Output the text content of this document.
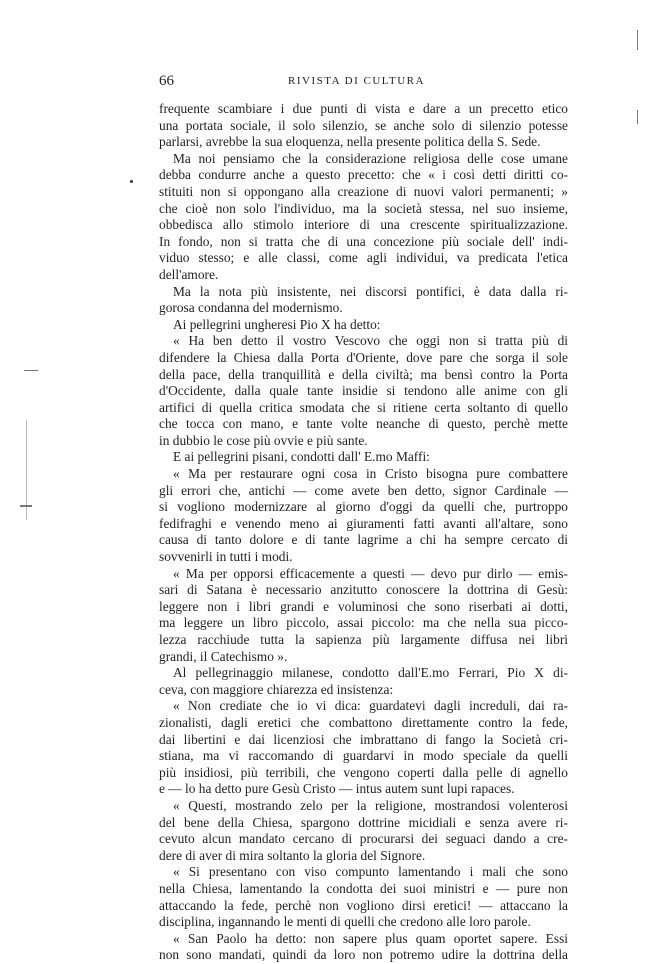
66	RIVISTA DI CULTURA
frequente scambiare i due punti di vista e dare a un precetto etico
una portata sociale, il solo silenzio, se anche solo di silenzio potesse
parlarsi, avrebbe la sua eloquenza, nella presente politica della S. Sede.
Ma noi pensiamo che la considerazione religiosa delle cose umane
debba condurre anche a questo precetto: che « i così detti diritti co-
stituiti non si oppongano alla creazione di nuovi valori permanenti; »
che cioè non solo l'individuo, ma la società stessa, nel suo insieme,
obbedisca allo stimolo interiore di una crescente spiritualizzazione.
In fondo, non si tratta che di una concezione più sociale dell' indi-
viduo stesso; e alle classi, come agli individui, va predicata l'etica
dell'amore.
Ma la nota più insistente, nei discorsi pontifici, è data dalla ri-
gorosa condanna del modernismo.
Ai pellegrini ungheresi Pio X ha detto:
« Ha ben detto il vostro Vescovo che oggi non si tratta più di
difendere la Chiesa dalla Porta d'Oriente, dove pare che sorga il sole
della pace, della tranquillità e della civiltà; ma bensì contro la Porta
d'Occidente, dalla quale tante insidie si tendono alle anime con gli
artifici di quella critica smodata che si ritiene certa soltanto di quello
che tocca con mano, e tante volte neanche di questo, perchè mette
in dubbio le cose più ovvie e più sante.
E ai pellegrini pisani, condotti dall' E.mo Maffi:
« Ma per restaurare ogni cosa in Cristo bisogna pure combattere
gli errori che, antichi — come avete ben detto, signor Cardinale —
si vogliono modernizzare al giorno d'oggi da quelli che, purtroppo
fedifraghi e venendo meno ai giuramenti fatti avanti all'altare, sono
causa di tanto dolore e di tante lagrime a chi ha sempre cercato di
sovvenirli in tutti i modi.
« Ma per opporsi efficacemente a questi — devo pur dirlo — emis-
sari di Satana è necessario anzitutto conoscere la dottrina di Gesù:
leggere non i libri grandi e voluminosi che sono riserbati ai dotti,
ma leggere un libro piccolo, assai piccolo: ma che nella sua picco-
lezza racchiude tutta la sapienza più largamente diffusa nei libri
grandi, il Catechismo ».
Al pellegrinaggio milanese, condotto dall'E.mo Ferrari, Pio X di-
ceva, con maggiore chiarezza ed insistenza:
« Non crediate che io vi dica: guardatevi dagli increduli, dai ra-
zionalisti, dagli eretici che combattono direttamente contro la fede,
dai libertini e dai licenziosi che imbrattano di fango la Società cri-
stiana, ma vi raccomando di guardarvi in modo speciale da quelli
più insidiosi, più terribili, che vengono coperti dalla pelle di agnello
e — lo ha detto pure Gesù Cristo — intus autem sunt lupi rapaces.
« Questi, mostrando zelo per la religione, mostrandosi volenterosi
del bene della Chiesa, spargono dottrine micidiali e senza avere ri-
cevuto alcun mandato cercano di procurarsi dei seguaci dando a cre-
dere di aver di mira soltanto la gloria del Signore.
« Si presentano con viso compunto lamentando i mali che sono
nella Chiesa, lamentando la condotta dei suoi ministri e — pure non
attaccando la fede, perchè non vogliono dirsi eretici! — attaccano la
disciplina, ingannando le menti di quelli che credono alle loro parole.
« San Paolo ha detto: non sapere plus quam oportet sapere. Essi
non sono mandati, quindi da loro non potremo udire la dottrina della
